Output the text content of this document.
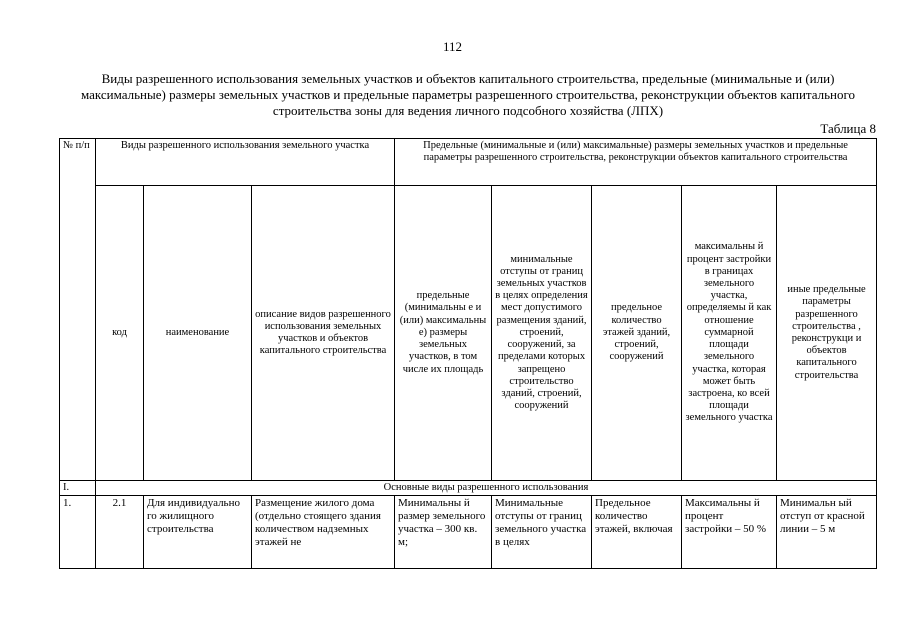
112
Виды разрешенного использования земельных участков и объектов капитального строительства, предельные (минимальные и (или) максимальные) размеры земельных участков и предельные параметры разрешенного строительства, реконструкции объектов капитального строительства зоны для ведения личного подсобного хозяйства (ЛПХ)
Таблица 8
№ п/п	Виды разрешенного использования земельного участка			Предельные (минимальные и (или) максимальные) размеры земельных участков и предельные параметры разрешенного строительства, реконструкции объектов капитального строительства				
	код	наименование	описание видов разрешенного использования земельных участков и объектов капитального строительства	предельные (минимальны е и (или) максимальны е) размеры земельных участков, в том числе их площадь	минимальные отступы от границ земельных участков в целях определения мест допустимого размещения зданий, строений, сооружений, за пределами которых запрещено строительство зданий, строений, сооружений	предельное количество этажей зданий, строений, сооружений	максимальны й процент застройки в границах земельного участка, определяемы й как отношение суммарной площади земельного участка, которая может быть застроена, ко всей площади земельного участка	иные предельные параметры разрешенного строительства , реконструкци и объектов капитального строительства
I.	Основные виды разрешенного использования							
1.	2.1	Для индивидуально го жилищного строительства	Размещение жилого дома (отдельно стоящего здания количеством надземных этажей не	Минимальны й размер земельного участка – 300 кв. м;	Минимальные отступы от границ земельного участка в целях	Предельное количество этажей, включая	Максимальны й процент застройки – 50 %	Минимальн ый отступ от красной линии – 5 м
